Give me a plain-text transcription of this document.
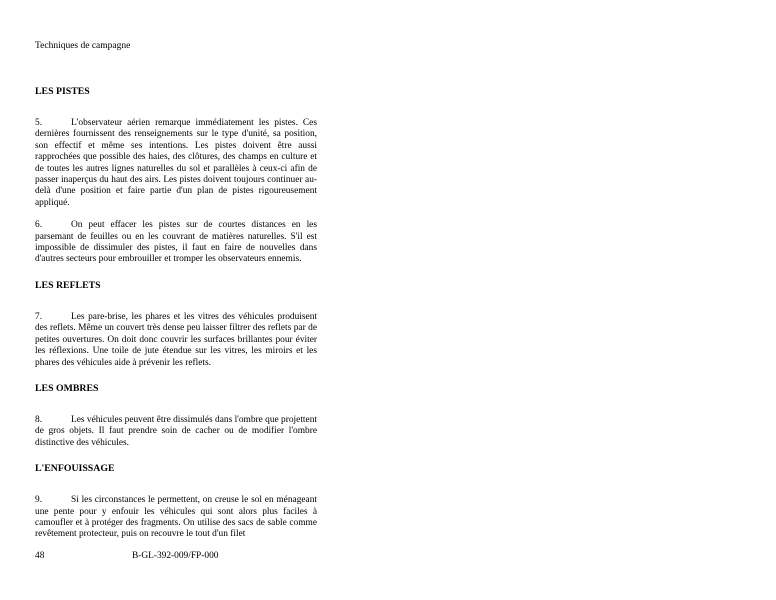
Techniques de campagne
LES PISTES

5.	L'observateur aérien remarque immédiatement les pistes. Ces dernières fournissent des renseignements sur le type d'unité, sa position, son effectif et même ses intentions. Les pistes doivent être aussi rapprochées que possible des haies, des clôtures, des champs en culture et de toutes les autres lignes naturelles du sol et parallèles à ceux-ci afin de passer inaperçus du haut des airs. Les pistes doivent toujours continuer au-delà d'une position et faire partie d'un plan de pistes rigoureusement appliqué.

6.	On peut effacer les pistes sur de courtes distances en les parsemant de feuilles ou en les couvrant de matières naturelles. S'il est impossible de dissimuler des pistes, il faut en faire de nouvelles dans d'autres secteurs pour embrouiller et tromper les observateurs ennemis.

LES REFLETS

7.	Les pare-brise, les phares et les vitres des véhicules produisent des reflets. Même un couvert très dense peu laisser filtrer des reflets par de petites ouvertures. On doit donc couvrir les surfaces brillantes pour éviter les réflexions. Une toile de jute étendue sur les vitres, les miroirs et les phares des véhicules aide à prévenir les reflets.

LES OMBRES

8.	Les véhicules peuvent être dissimulés dans l'ombre que projettent de gros objets. Il faut prendre soin de cacher ou de modifier l'ombre distinctive des véhicules.

L'ENFOUISSAGE

9.	Si les circonstances le permettent, on creuse le sol en ménageant une pente pour y enfouir les véhicules qui sont alors plus faciles à camoufler et à protéger des fragments. On utilise des sacs de sable comme revêtement protecteur, puis on recouvre le tout d'un filet

48	B-GL-392-009/FP-000
